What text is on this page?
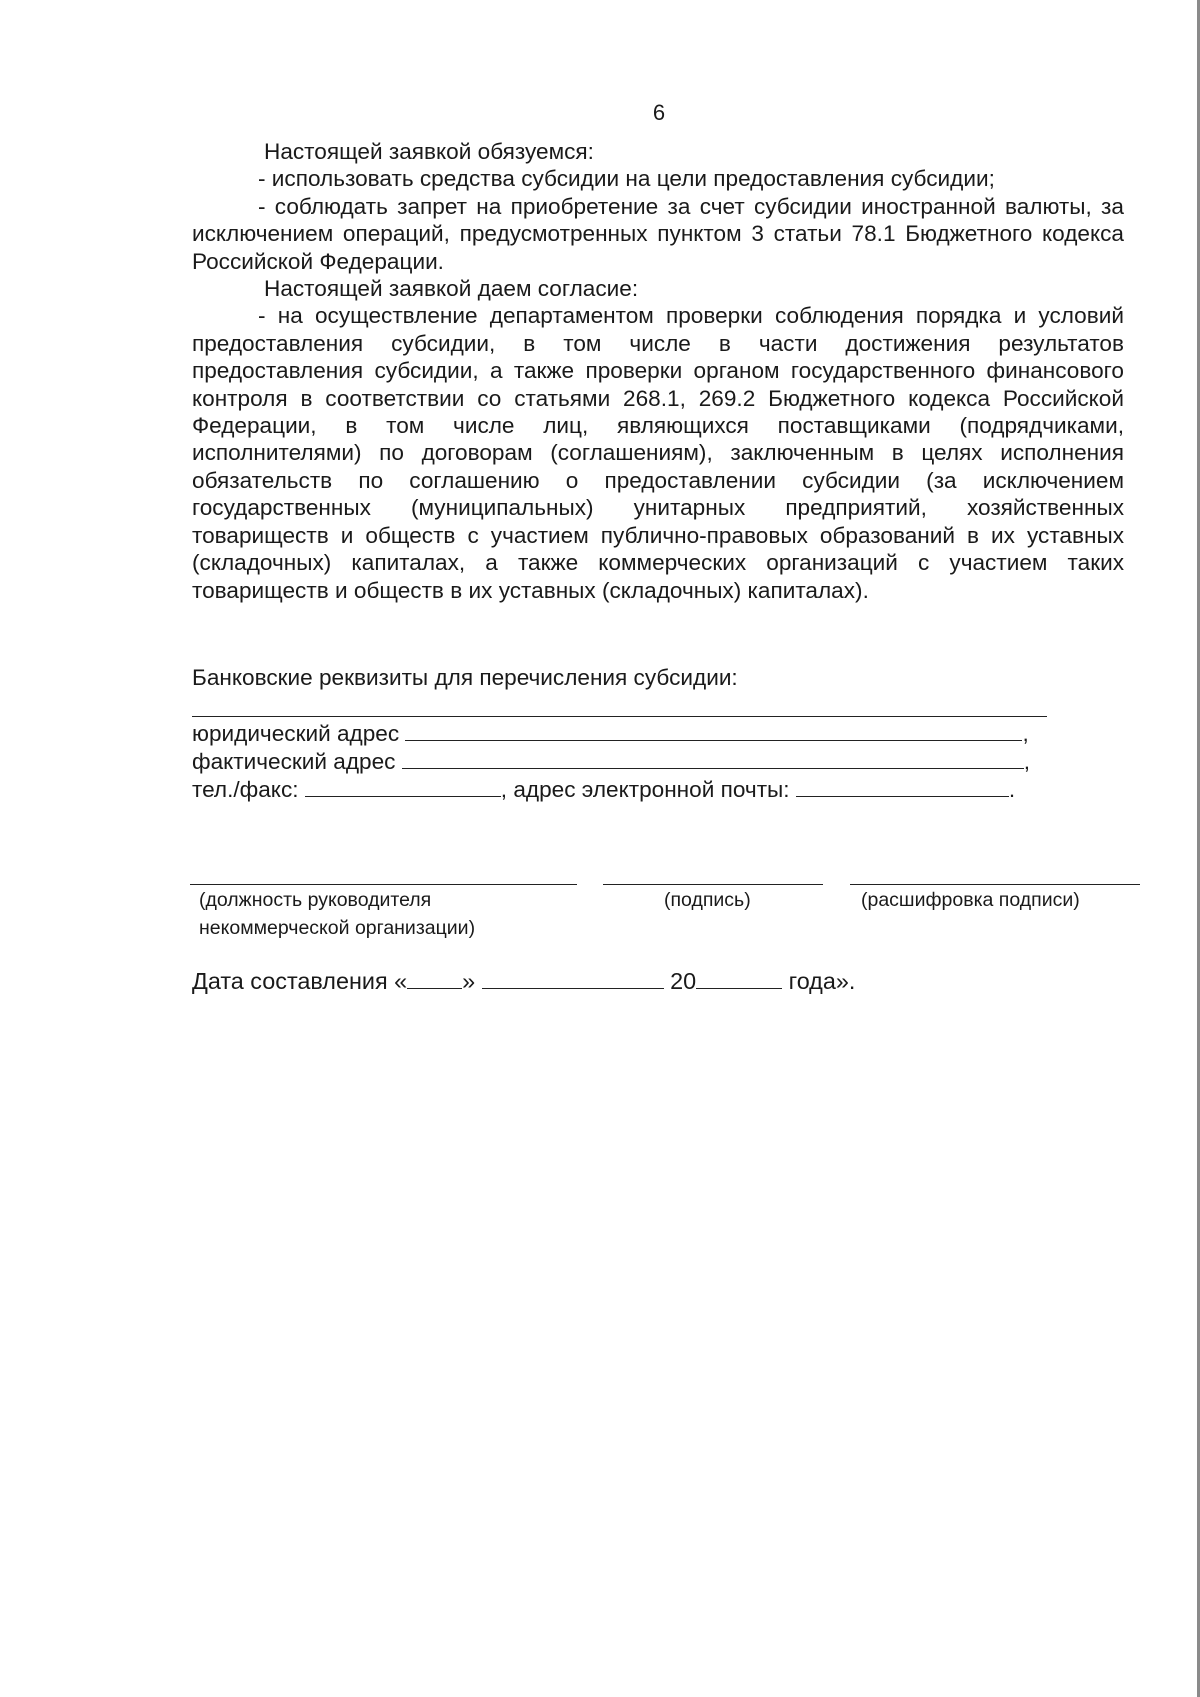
6

Настоящей заявкой обязуемся:

- использовать средства субсидии на цели предоставления субсидии;

- соблюдать запрет на приобретение за счет субсидии иностранной валюты, за исключением операций, предусмотренных пунктом 3 статьи 78.1 Бюджетного кодекса Российской Федерации.

Настоящей заявкой даем согласие:

- на осуществление департаментом проверки соблюдения порядка и условий предоставления субсидии, в том числе в части достижения результатов предоставления субсидии, а также проверки органом государственного финансового контроля в соответствии со статьями 268.1, 269.2 Бюджетного кодекса Российской Федерации, в том числе лиц, являющихся поставщиками (подрядчиками, исполнителями) по договорам (соглашениям), заключенным в целях исполнения обязательств по соглашению о предоставлении субсидии (за исключением государственных (муниципальных) унитарных предприятий, хозяйственных товариществ и обществ с участием публично-правовых образований в их уставных (складочных) капиталах, а также коммерческих организаций с участием таких товариществ и обществ в их уставных (складочных) капиталах).

Банковские реквизиты для перечисления субсидии:
юридический адрес	,
фактический адрес	,
тел./факс:	, адрес электронной почты:	.
(должность руководителя
некоммерческой организации)
(подпись)	(расшифровка подписи)
Дата составления « »	20	года».
